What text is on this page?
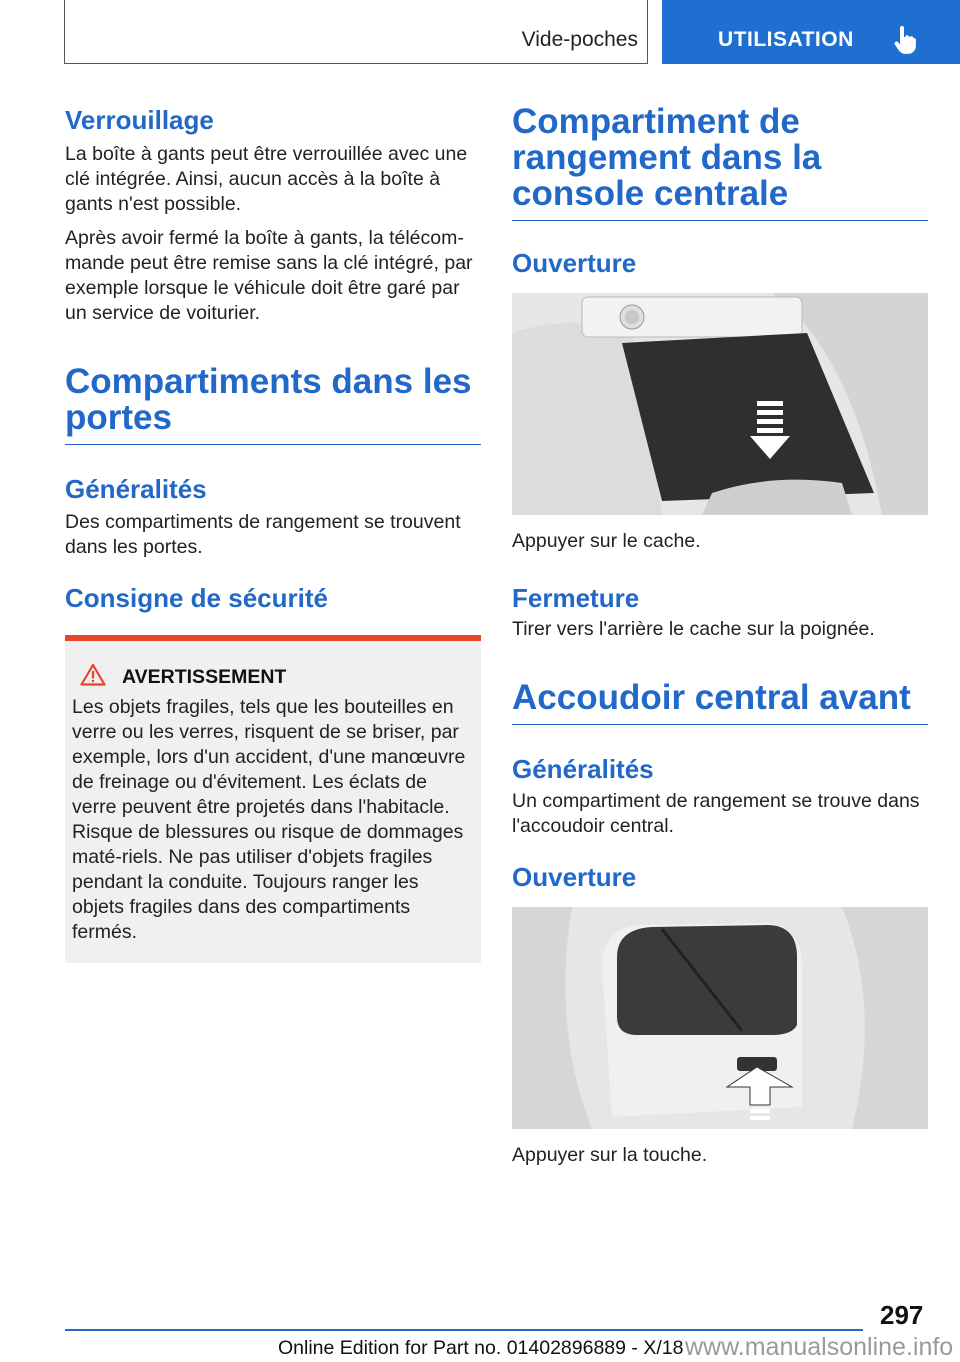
Vide-poches	UTILISATION
Verrouillage

La boîte à gants peut être verrouillée avec une clé intégrée. Ainsi, aucun accès à la boîte à gants n'est possible.

Après avoir fermé la boîte à gants, la télécom-mande peut être remise sans la clé intégré, par exemple lorsque le véhicule doit être garé par un service de voiturier.

Compartiments dans les portes
Généralités

Des compartiments de rangement se trouvent dans les portes.

Consigne de sécurité
AVERTISSEMENT

Les objets fragiles, tels que les bouteilles en verre ou les verres, risquent de se briser, par exemple, lors d'un accident, d'une manœuvre de freinage ou d'évitement. Les éclats de verre peuvent être projetés dans l'habitacle. Risque de blessures ou risque de dommages maté-riels. Ne pas utiliser d'objets fragiles pendant la conduite. Toujours ranger les objets fragiles dans des compartiments fermés.

Compartiment de rangement dans la console centrale
Ouverture

Appuyer sur le cache.

Fermeture

Tirer vers l'arrière le cache sur la poignée.

Accoudoir central avant
Généralités

Un compartiment de rangement se trouve dans l'accoudoir central.

Ouverture

Appuyer sur la touche.

297
Online Edition for Part no. 01402896889 - X/18 www.manualsonline.info
